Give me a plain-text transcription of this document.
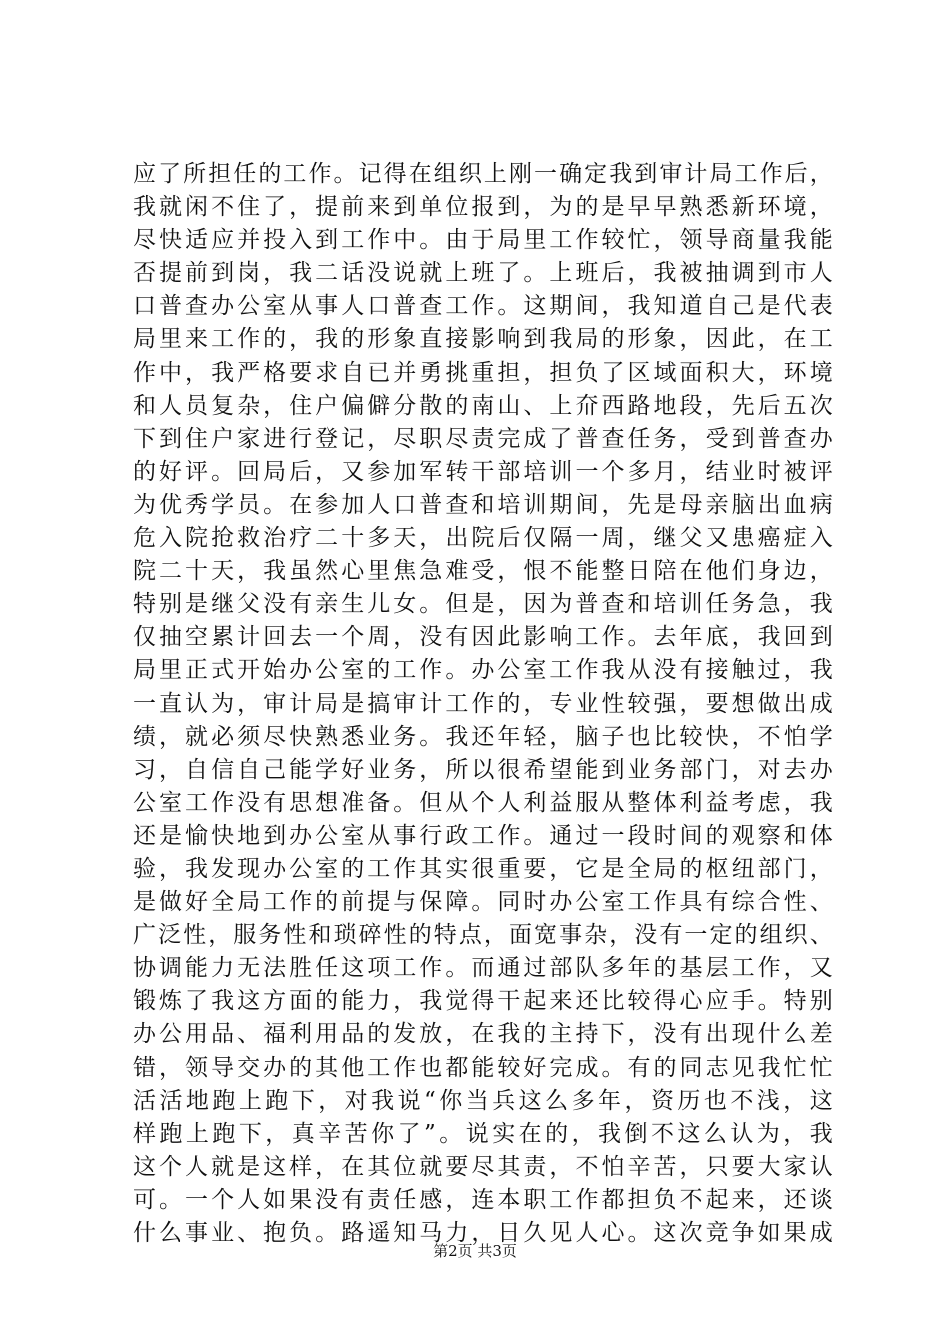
应了所担任的工作。记得在组织上刚一确定我到审计局工作后，
我就闲不住了，提前来到单位报到，为的是早早熟悉新环境，
尽快适应并投入到工作中。由于局里工作较忙，领导商量我能
否提前到岗，我二话没说就上班了。上班后，我被抽调到市人
口普查办公室从事人口普查工作。这期间，我知道自己是代表
局里来工作的，我的形象直接影响到我局的形象，因此，在工
作中，我严格要求自已并勇挑重担，担负了区域面积大，环境
和人员复杂，住户偏僻分散的南山、上夼西路地段，先后五次
下到住户家进行登记，尽职尽责完成了普查任务，受到普查办
的好评。回局后，又参加军转干部培训一个多月，结业时被评
为优秀学员。在参加人口普查和培训期间，先是母亲脑出血病
危入院抢救治疗二十多天，出院后仅隔一周，继父又患癌症入
院二十天，我虽然心里焦急难受，恨不能整日陪在他们身边，
特别是继父没有亲生儿女。但是，因为普查和培训任务急，我
仅抽空累计回去一个周，没有因此影响工作。去年底，我回到
局里正式开始办公室的工作。办公室工作我从没有接触过，我
一直认为，审计局是搞审计工作的，专业性较强，要想做出成
绩，就必须尽快熟悉业务。我还年轻，脑子也比较快，不怕学
习，自信自己能学好业务，所以很希望能到业务部门，对去办
公室工作没有思想准备。但从个人利益服从整体利益考虑，我
还是愉快地到办公室从事行政工作。通过一段时间的观察和体
验，我发现办公室的工作其实很重要，它是全局的枢纽部门，
是做好全局工作的前提与保障。同时办公室工作具有综合性、
广泛性，服务性和琐碎性的特点，面宽事杂，没有一定的组织、
协调能力无法胜任这项工作。而通过部队多年的基层工作，又
锻炼了我这方面的能力，我觉得干起来还比较得心应手。特别
办公用品、福利用品的发放，在我的主持下，没有出现什么差
错，领导交办的其他工作也都能较好完成。有的同志见我忙忙
活活地跑上跑下，对我说“你当兵这么多年，资历也不浅，这
样跑上跑下，真辛苦你了”。说实在的，我倒不这么认为，我
这个人就是这样，在其位就要尽其责，不怕辛苦，只要大家认
可。一个人如果没有责任感，连本职工作都担负不起来，还谈
什么事业、抱负。路遥知马力，日久见人心。这次竞争如果成
第2页 共3页
